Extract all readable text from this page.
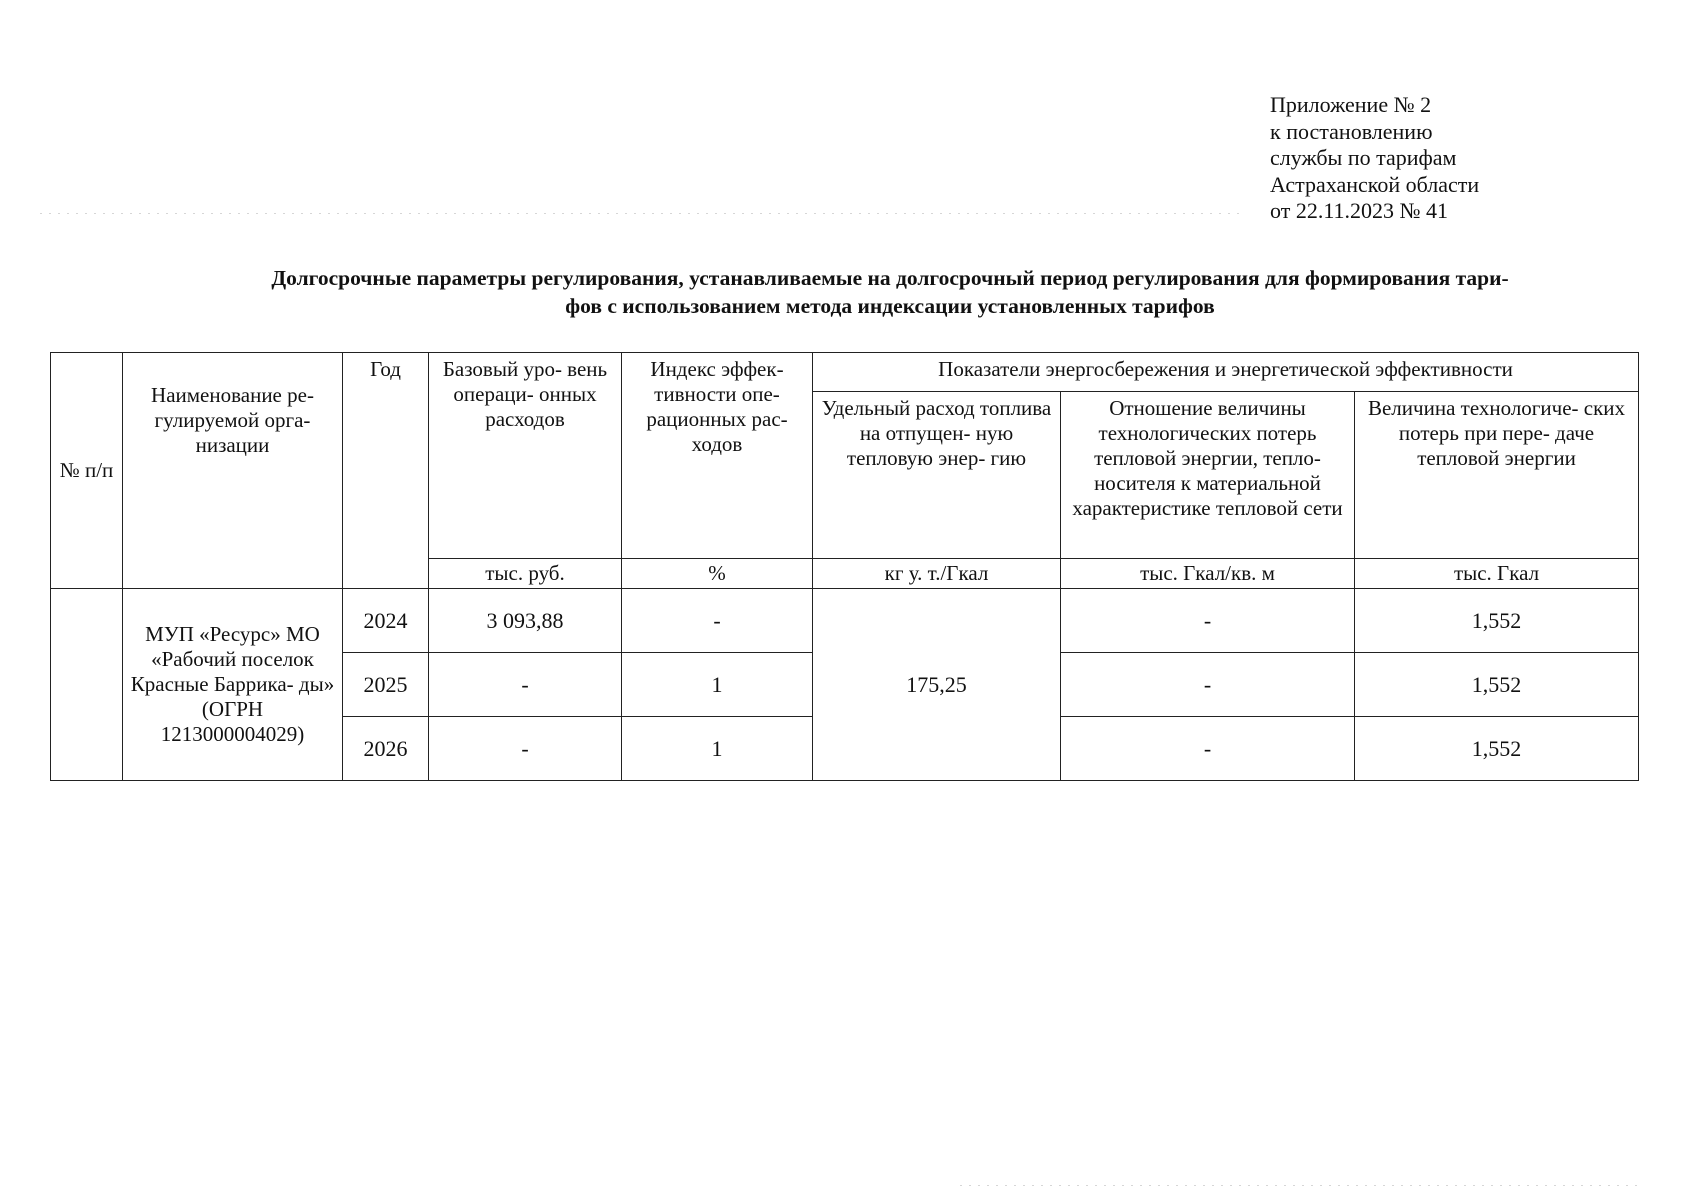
Приложение № 2
к постановлению
службы по тарифам
Астраханской области
от 22.11.2023 № 41
Долгосрочные параметры регулирования, устанавливаемые на долгосрочный период регулирования для формирования тари-
фов с использованием метода индексации установленных тарифов
№ п/п	Наименование ре- гулируемой орга- низации	Год	Базовый уро- вень операци- онных расходов	Индекс эффек- тивности опе- рационных рас- ходов	Показатели энергосбережения и энергетической эффективности		
					Удельный расход топлива на отпущен- ную тепловую энер- гию	Отношение величины технологических потерь тепловой энергии, тепло- носителя к материальной характеристике тепловой сети	Величина технологиче- ских потерь при пере- даче тепловой энергии
			тыс. руб.	%	кг у. т./Гкал	тыс. Гкал/кв. м	тыс. Гкал
	МУП «Ресурс» МО «Рабочий поселок Красные Баррика- ды» (ОГРН 1213000004029)	2024	3 093,88	-	175,25	-	1,552
		2025	-	1		-	1,552
		2026	-	1		-	1,552
